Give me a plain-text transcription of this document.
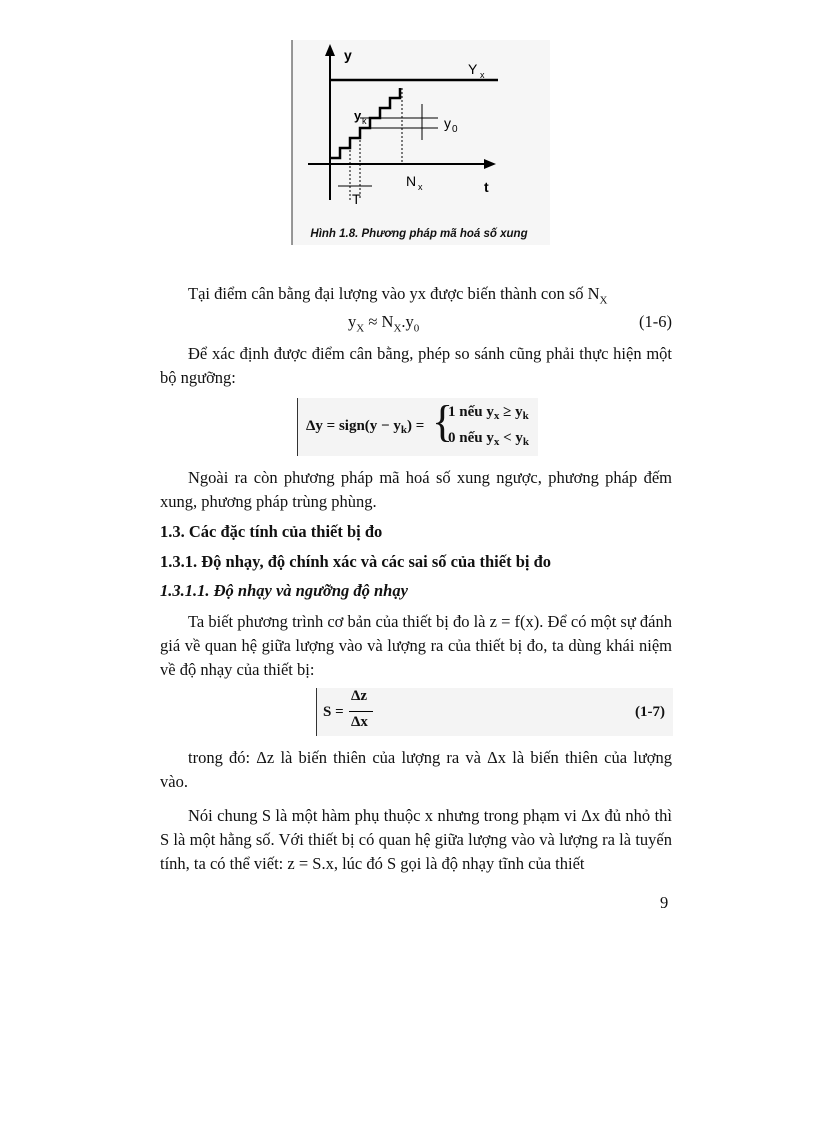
y
t
Y x
y k	y 0
N x
T
Hình 1.8. Phương pháp mã hoá số xung
Tại điểm cân bằng đại lượng vào yx được biến thành con số $N_X$
$y_X \approx N_X.y_0$	(1-6)
Để xác định được điểm cân bằng, phép so sánh cũng phải thực hiện một bộ ngưỡng:
Δy = sign(y − $y_k$) = {
1 nếu $y_x \ge y_k$
0 nếu $y_x < y_k$
Ngoài ra còn phương pháp mã hoá số xung ngược, phương pháp đếm xung, phương pháp trùng phùng.
1.3. Các đặc tính của thiết bị đo
1.3.1. Độ nhạy, độ chính xác và các sai số của thiết bị đo
1.3.1.1. Độ nhạy và ngưỡng độ nhạy
Ta biết phương trình cơ bản của thiết bị đo là z = f(x). Để có một sự đánh giá về quan hệ giữa lượng vào và lượng ra của thiết bị đo, ta dùng khái niệm về độ nhạy của thiết bị:
S =
Δz
Δx
(1-7)
trong đó: Δz là biến thiên của lượng ra và Δx là biến thiên của lượng vào.
Nói chung S là một hàm phụ thuộc x nhưng trong phạm vi Δx đủ nhỏ thì S là một hằng số. Với thiết bị có quan hệ giữa lượng vào và lượng ra là tuyến tính, ta có thể viết: z = S.x, lúc đó S gọi là độ nhạy tĩnh của thiết
9
